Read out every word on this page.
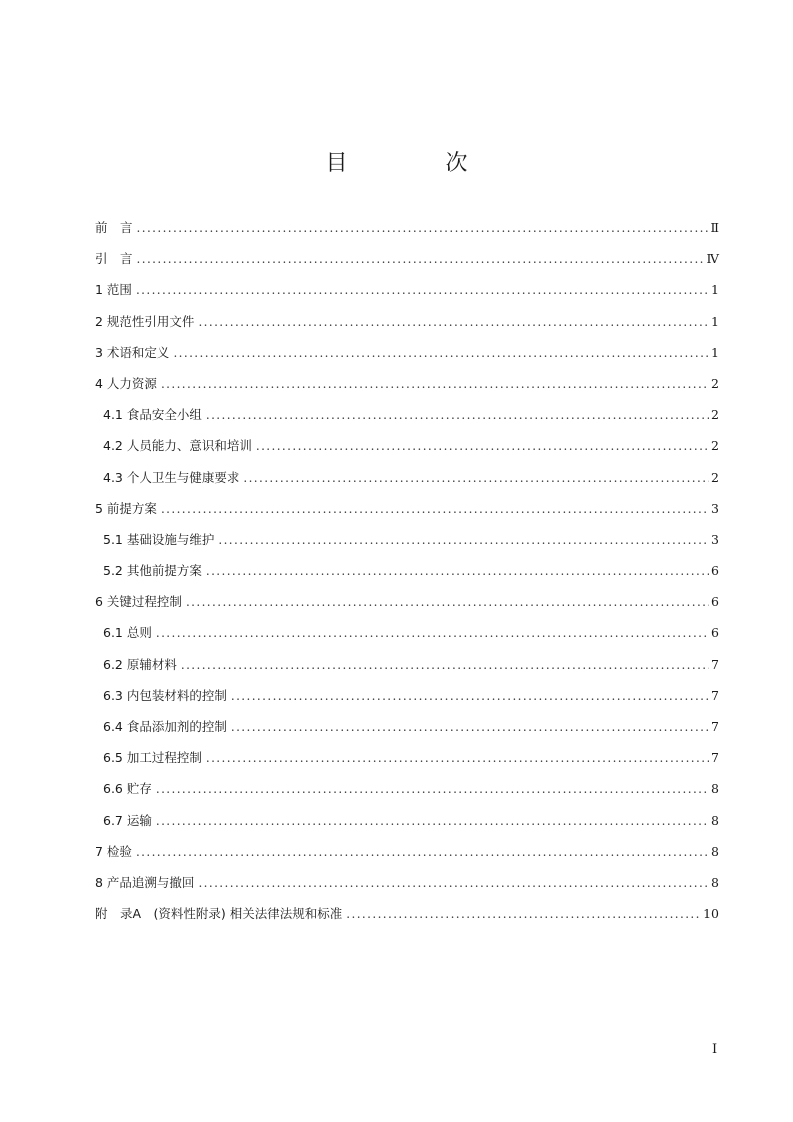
目　次
前　言 .....	Ⅱ
引　言 .....	Ⅳ
1 范围 .....	1
2 规范性引用文件 .....	1
3 术语和定义 .....	1
4 人力资源 .....	2
4.1 食品安全小组 .....	2
4.2 人员能力、意识和培训 .....	2
4.3 个人卫生与健康要求 .....	2
5 前提方案 .....	3
5.1 基础设施与维护 .....	3
5.2 其他前提方案 .....	6
6 关键过程控制 .....	6
6.1 总则 .....	6
6.2 原辅材料 .....	7
6.3 内包装材料的控制 .....	7
6.4 食品添加剂的控制 .....	7
6.5 加工过程控制 .....	7
6.6 贮存 .....	8
6.7 运输 .....	8
7 检验 .....	8
8 产品追溯与撤回 .....	8
附　录A　(资料性附录) 相关法律法规和标准 .....	10
I
